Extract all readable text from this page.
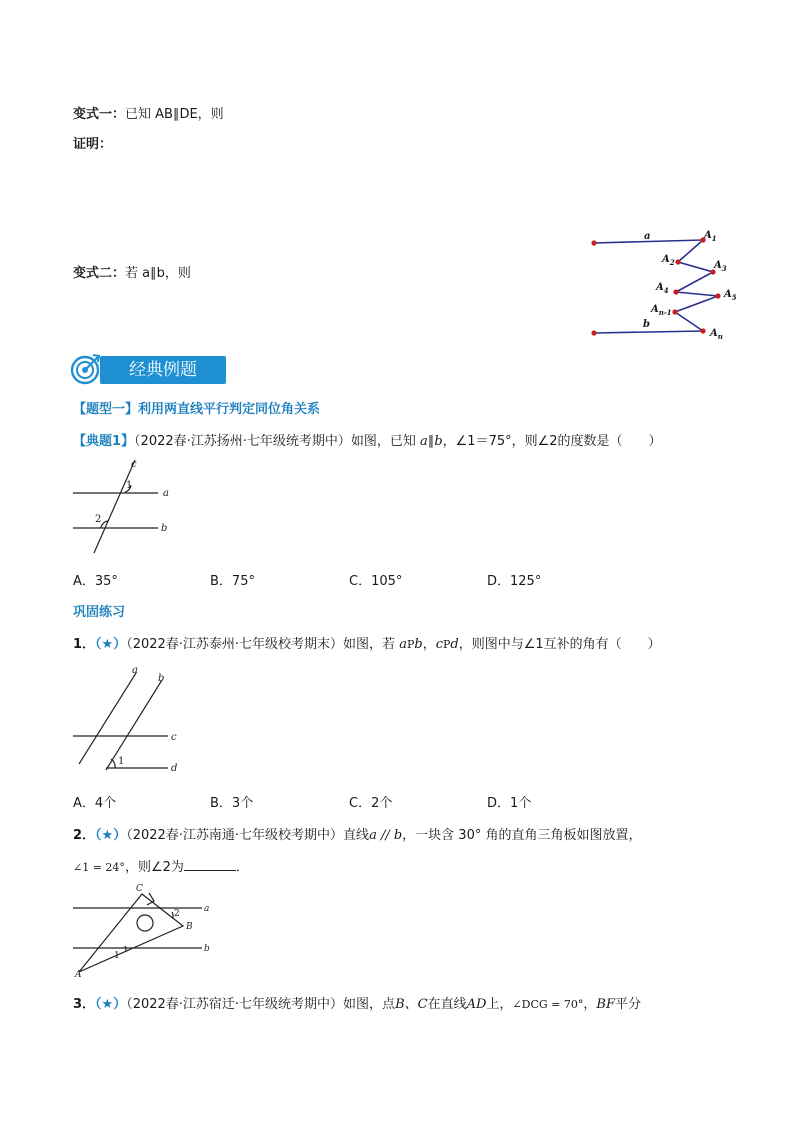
变式一：已知 AB∥DE，则
证明：
变式二：若 a∥b，则
a
b
$A_1$
$A_2$	$A_3$
$A_4$	$A_5$
$A_{n-1}$
$A_n$
经典例题
【题型一】利用两直线平行判定同位角关系
【典题1】（2022春·江苏扬州·七年级统考期中）如图，已知 a∥b，∠1＝75°，则∠2的度数是（　　）
c
a
b
1
2
A．35°	B．75°	C．105°	D．125°
巩固练习
1．（★）（2022春·江苏泰州·七年级校考期末）如图，若 aPb，cPd，则图中与∠1互补的角有（　　）
a
b
c
d
1
A．4个	B．3个	C．2个	D．1个
2．（★）（2022春·江苏南通·七年级校考期中）直线a // b，一块含 30° 角的直角三角板如图放置，
∠1 = 24°，则∠2为	．
C
B
A
a
b
2
1
3．（★）（2022春·江苏宿迁·七年级统考期中）如图，点B、C在直线AD上，∠DCG = 70°，BF平分
